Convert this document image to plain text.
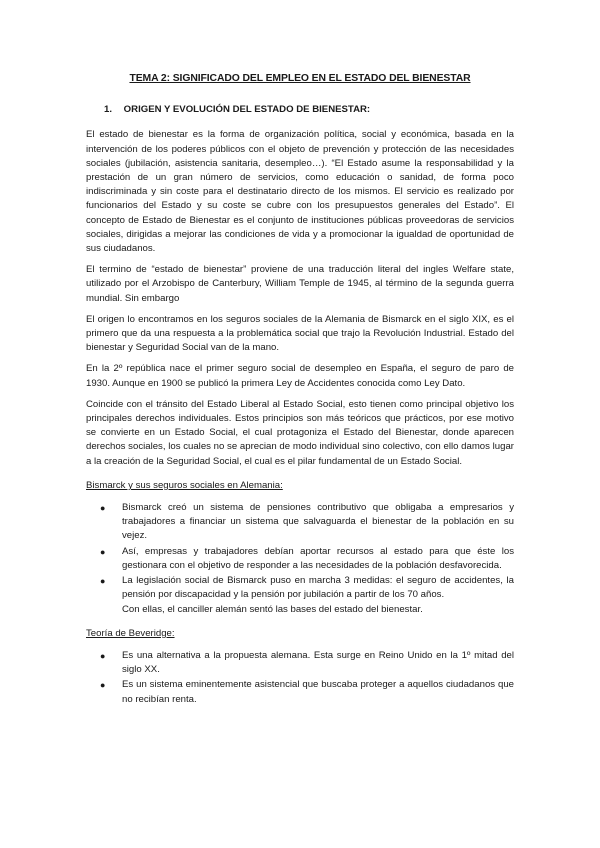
TEMA 2: SIGNIFICADO DEL EMPLEO EN EL ESTADO DEL BIENESTAR
1. ORIGEN Y EVOLUCIÓN DEL ESTADO DE BIENESTAR:

El estado de bienestar es la forma de organización política, social y económica, basada en la intervención de los poderes públicos con el objeto de prevención y protección de las necesidades sociales (jubilación, asistencia sanitaria, desempleo…). “El Estado asume la responsabilidad y la prestación de un gran número de servicios, como educación o sanidad, de forma poco indiscriminada y sin coste para el destinatario directo de los mismos. El servicio es realizado por funcionarios del Estado y su coste se cubre con los presupuestos generales del Estado”. El concepto de Estado de Bienestar es el conjunto de instituciones públicas proveedoras de servicios sociales, dirigidas a mejorar las condiciones de vida y a promocionar la igualdad de oportunidad de sus ciudadanos.

El termino de “estado de bienestar” proviene de una traducción literal del ingles Welfare state, utilizado por el Arzobispo de Canterbury, William Temple de 1945, al término de la segunda guerra mundial. Sin embargo

El origen lo encontramos en los seguros sociales de la Alemania de Bismarck en el siglo XIX, es el primero que da una respuesta a la problemática social que trajo la Revolución Industrial. Estado del bienestar y Seguridad Social van de la mano.

En la 2º república nace el primer seguro social de desempleo en España, el seguro de paro de 1930. Aunque en 1900 se publicó la primera Ley de Accidentes conocida como Ley Dato.

Coincide con el tránsito del Estado Liberal al Estado Social, esto tienen como principal objetivo los principales derechos individuales. Estos principios son más teóricos que prácticos, por ese motivo se convierte en un Estado Social, el cual protagoniza el Estado del Bienestar, donde aparecen derechos sociales, los cuales no se aprecian de modo individual sino colectivo, con ello damos lugar a la creación de la Seguridad Social, el cual es el pilar fundamental de un Estado Social.

Bismarck y sus seguros sociales en Alemania:
● Bismarck creó un sistema de pensiones contributivo que obligaba a empresarios y trabajadores a financiar un sistema que salvaguarda el bienestar de la población en su vejez.
● Así, empresas y trabajadores debían aportar recursos al estado para que éste los gestionara con el objetivo de responder a las necesidades de la población desfavorecida.
● La legislación social de Bismarck puso en marcha 3 medidas: el seguro de accidentes, la pensión por discapacidad y la pensión por jubilación a partir de los 70 años.
Con ellas, el canciller alemán sentó las bases del estado del bienestar.
Teoría de Beveridge:
● Es una alternativa a la propuesta alemana. Esta surge en Reino Unido en la 1º mitad del siglo XX.
● Es un sistema eminentemente asistencial que buscaba proteger a aquellos ciudadanos que no recibían renta.
